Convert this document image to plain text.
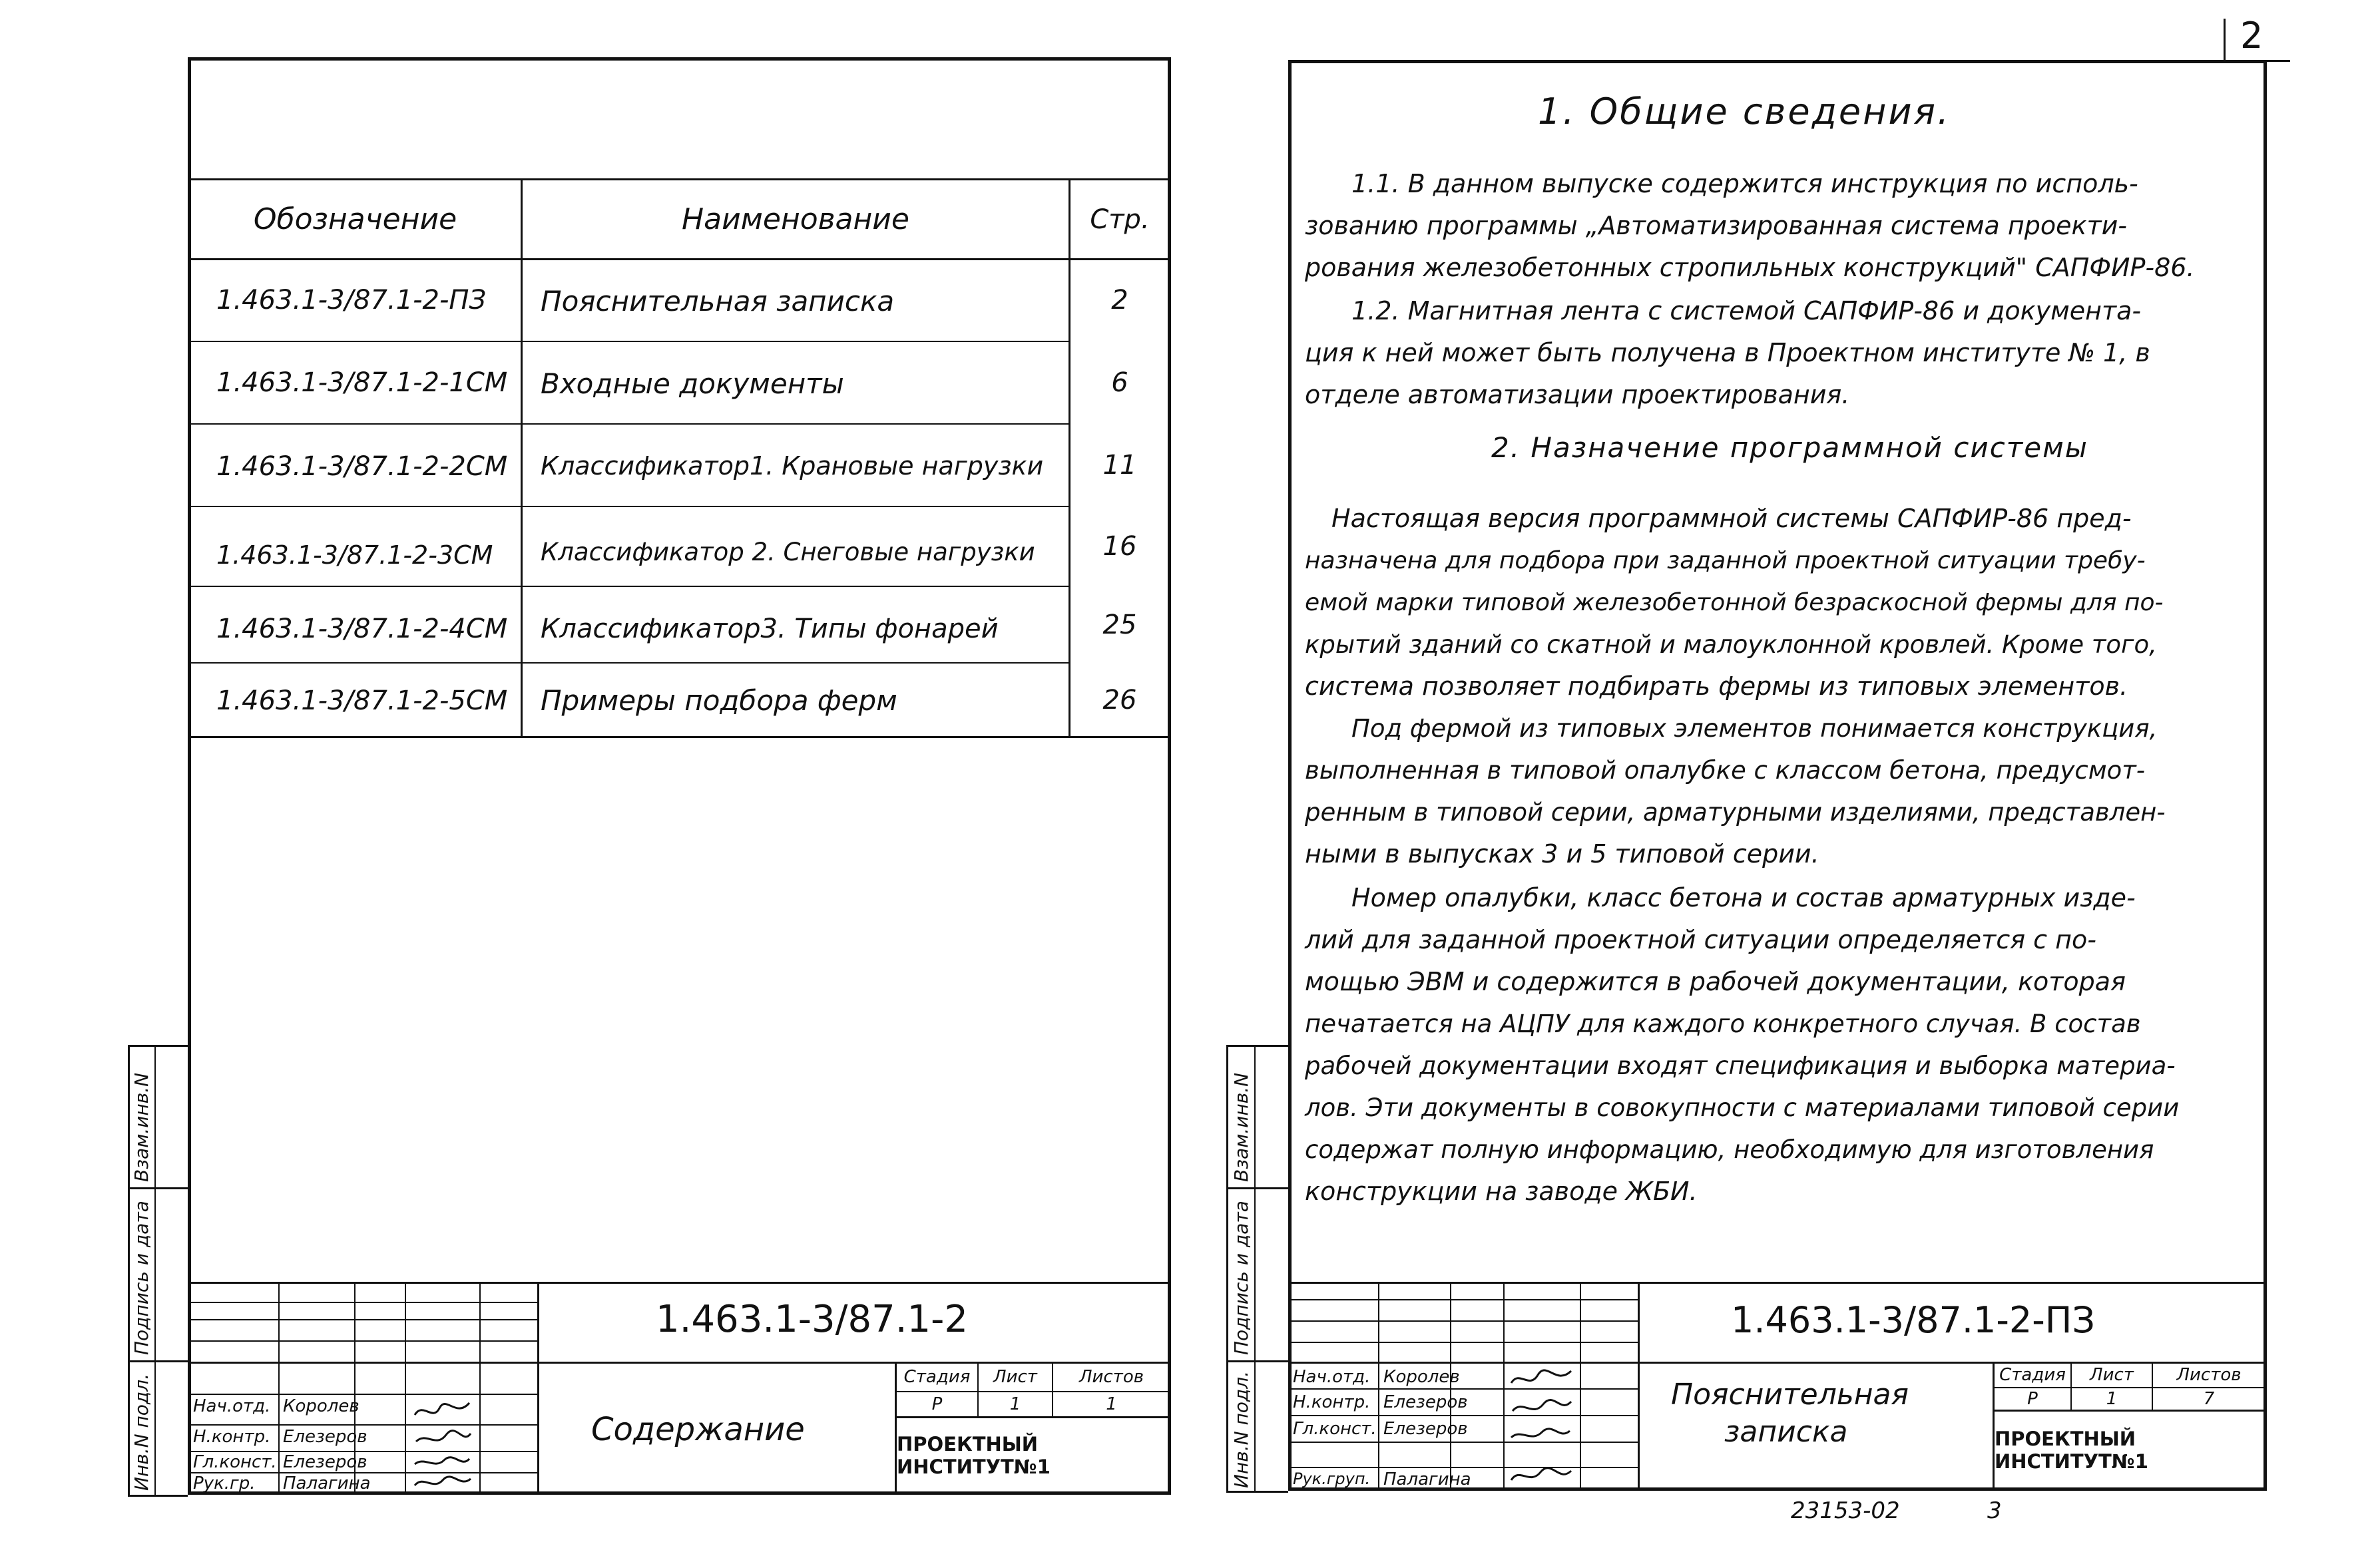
2
Обозначение	Наименование	Стр.
1.463.1-3/87.1-2-ПЗ Пояснительная записка	2
1.463.1-3/87.1-2-1СМ Входные документы	6
1.463.1-3/87.1-2-2СМ Классификатор1. Крановые нагрузки	11
1.463.1-3/87.1-2-3СМ Классификатор 2. Снеговые нагрузки	16
1.463.1-3/87.1-2-4СМ Классификатор3. Типы фонарей	25
1.463.1-3/87.1-2-5СМ Примеры подбора ферм	26
Взам.инв.N
Подпись и дата
Инв.N подл.
1.463.1-3/87.1-2
Содержание
Стадия	Лист	Листов
Р	1	1
ПРОЕКТНЫЙ ИНСТИТУТ№1
Нач.отд. Королев
Н.контр. Елезеров
Гл.конст. Елезеров
Рук.гр. Палагина
1. Общие сведения.
1.1. В данном выпуске содержится инструкция по исполь-
зованию программы „Автоматизированная система проекти-
рования железобетонных стропильных конструкций" САПФИР-86.
1.2. Магнитная лента с системой САПФИР-86 и документа-
ция к ней может быть получена в Проектном институте № 1, в
отделе автоматизации проектирования.
2. Назначение программной системы
Настоящая версия программной системы САПФИР-86 пред-
назначена для подбора при заданной проектной ситуации требу-
емой марки типовой железобетонной безраскосной фермы для по-
крытий зданий со скатной и малоуклонной кровлей. Кроме того,
система позволяет подбирать фермы из типовых элементов.
Под фермой из типовых элементов понимается конструкция,
выполненная в типовой опалубке с классом бетона, предусмот-
ренным в типовой серии, арматурными изделиями, представлен-
ными в выпусках 3 и 5 типовой серии.
Номер опалубки, класс бетона и состав арматурных изде-
лий для заданной проектной ситуации определяется с по-
мощью ЭВМ и содержится в рабочей документации, которая
печатается на АЦПУ для каждого конкретного случая. В состав
рабочей документации входят спецификация и выборка материа-
лов. Эти документы в совокупности с материалами типовой серии
содержат полную информацию, необходимую для изготовления
конструкции на заводе ЖБИ.
Взам.инв.N
Подпись и дата
Инв.N подл.
1.463.1-3/87.1-2-ПЗ
Пояснительная
записка
Стадия	Лист	Листов
Р	1	7
ПРОЕКТНЫЙ ИНСТИТУТ№1
Нач.отд. Королев
Н.контр. Елезеров
Гл.конст. Елезеров
Рук.груп. Палагина
23153-02	3
